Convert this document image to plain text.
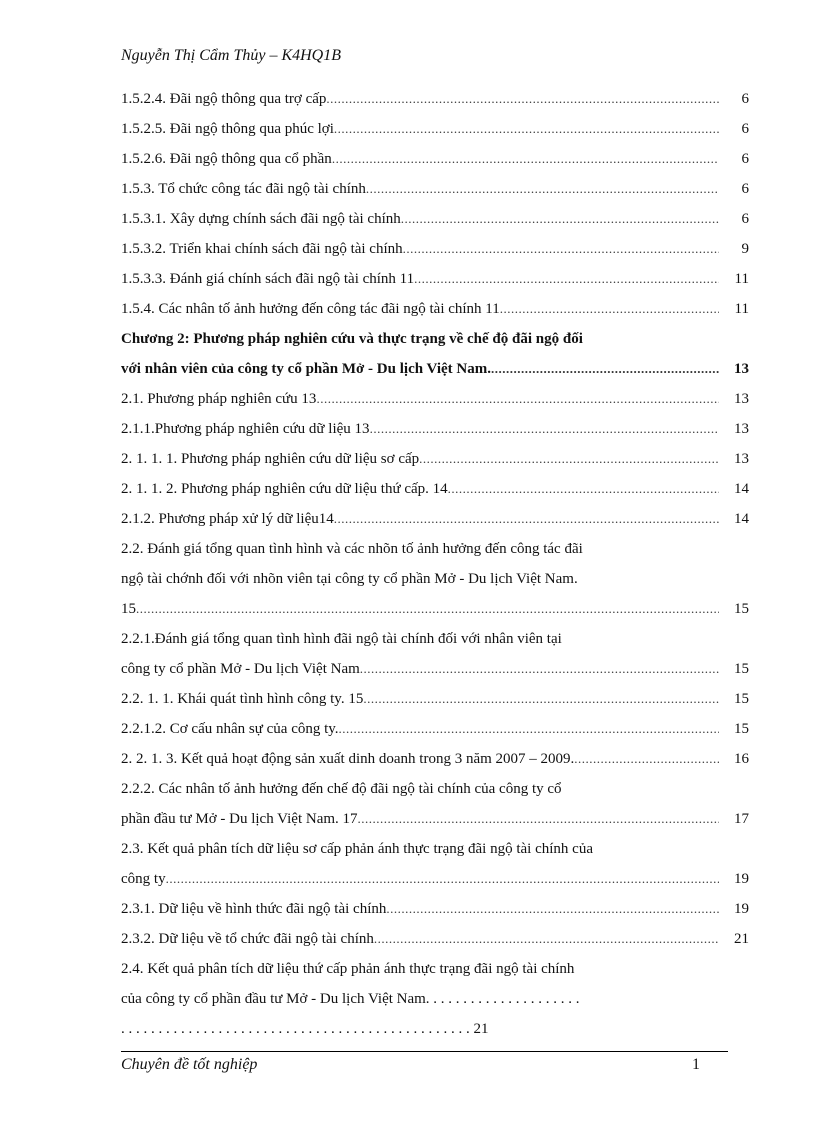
Nguyễn Thị Cẩm Thủy – K4HQ1B
1.5.2.4. Đãi ngộ thông qua trợ cấp .....	6
1.5.2.5. Đãi ngộ thông qua phúc lợi .....	6
1.5.2.6. Đãi ngộ thông qua cổ phần .....	6
1.5.3. Tổ chức công tác đãi ngộ tài chính .....	6
1.5.3.1. Xây dựng chính sách đãi ngộ tài chính .....	6
1.5.3.2. Triển khai chính sách đãi ngộ tài chính .....	9
1.5.3.3. Đánh giá chính sách đãi ngộ tài chính 11 .....	11
1.5.4. Các nhân tố ảnh hưởng đến công tác đãi ngộ tài chính 11 .....	11
Chương 2: Phương pháp nghiên cứu và thực trạng về chế độ đãi ngộ đối
với nhân viên của công ty cổ phần Mở - Du lịch Việt Nam. .....	13
2.1. Phương pháp nghiên cứu 13 .....	13
2.1.1.Phương pháp nghiên cứu dữ liệu 13 .....	13
2. 1. 1. 1. Phương pháp nghiên cứu dữ liệu sơ cấp .....	13
2. 1. 1. 2. Phương pháp nghiên cứu dữ liệu thứ cấp. 14 .....	14
2.1.2. Phương pháp xử lý dữ liệu14 .....	14
2.2. Đánh giá tổng quan tình hình và các nhõn tố ảnh hưởng đến công tác đãi
ngộ tài chớnh đối với nhõn viên tại công ty cổ phần Mở - Du lịch Việt Nam.
15 .....	15
2.2.1.Đánh giá tổng quan tình hình đãi ngộ tài chính đối với nhân viên tại
công ty cổ phần Mở - Du lịch Việt Nam .....	15
2.2. 1. 1. Khái quát tình hình công ty. 15 .....	15
2.2.1.2. Cơ cấu nhân sự của công ty. .....	15
2. 2. 1. 3. Kết quả hoạt động sản xuất dinh doanh trong 3 năm 2007 – 2009. .....	16
2.2.2. Các nhân tố ảnh hưởng đến chế độ đãi ngộ tài chính của công ty cổ
phần đầu tư Mở - Du lịch Việt Nam. 17 .....	17
2.3. Kết quả phân tích dữ liệu sơ cấp phản ánh thực trạng đãi ngộ tài chính của
công ty .....	19
2.3.1. Dữ liệu về hình thức đãi ngộ tài chính .....	19
2.3.2. Dữ liệu về tổ chức đãi ngộ tài chính .....	21
2.4. Kết quả phân tích dữ liệu thứ cấp phản ánh thực trạng đãi ngộ tài chính
của công ty cổ phần đầu tư Mở - Du lịch Việt Nam. . . . . . . . . . . . . . . . . . . . .
. . . . . . . . . . . . . . . . . . . . . . . . . . . . . . . . . . . . . . . . . . . . . . . 21
Chuyên đề tốt nghiệp	1
